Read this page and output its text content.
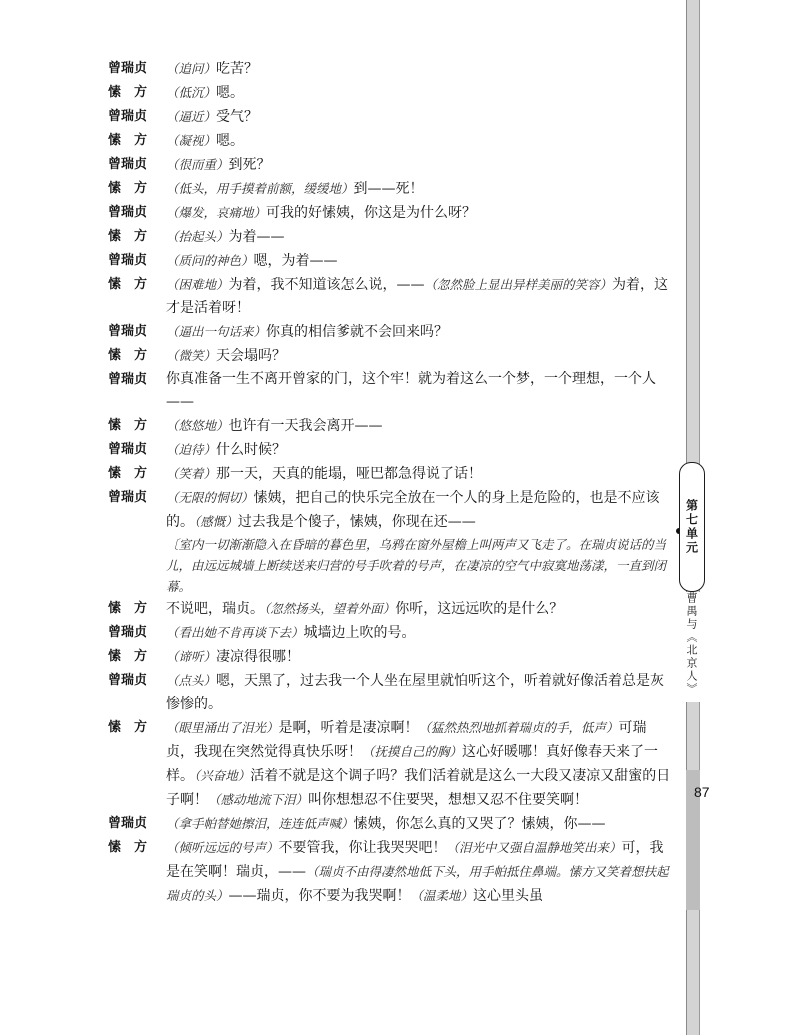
第七单元
曹禺与《北京人》
87
曾瑞贞	（追问）吃苦？
愫　方	（低沉）嗯。
曾瑞贞	（逼近）受气？
愫　方	（凝视）嗯。
曾瑞贞	（很而重）到死？
愫　方	（低头，用手摸着前额，缓缓地）到——死！
曾瑞贞	（爆发，哀痛地）可我的好愫姨，你这是为什么呀？
愫　方	（抬起头）为着——
曾瑞贞	（质问的神色）嗯，为着——
愫　方	（困难地）为着，我不知道该怎么说，——（忽然脸上显出异样美丽的笑容）为着，这才是活着呀！
曾瑞贞	（逼出一句话来）你真的相信爹就不会回来吗？
愫　方	（微笑）天会塌吗？
曾瑞贞	你真准备一生不离开曾家的门，这个牢！就为着这么一个梦，一个理想，一个人——
愫　方	（悠悠地）也许有一天我会离开——
曾瑞贞	（迫待）什么时候？
愫　方	（笑着）那一天，天真的能塌，哑巴都急得说了话！
曾瑞贞	（无限的恫切）愫姨，把自己的快乐完全放在一个人的身上是危险的，也是不应该的。（感慨）过去我是个傻子，愫姨，你现在还——
〔室内一切渐渐隐入在昏暗的暮色里，乌鸦在窗外屋檐上叫两声又飞走了。在瑞贞说话的当儿，由远远城墙上断续送来归营的号手吹着的号声，在凄凉的空气中寂寞地荡漾，一直到闭幕。
愫　方	不说吧，瑞贞。（忽然扬头，望着外面）你听，这远远吹的是什么？
曾瑞贞	（看出她不肯再谈下去）城墙边上吹的号。
愫　方	（谛听）凄凉得很哪！
曾瑞贞	（点头）嗯，天黑了，过去我一个人坐在屋里就怕听这个，听着就好像活着总是灰惨惨的。
愫　方	（眼里涌出了泪光）是啊，听着是凄凉啊！（猛然热烈地抓着瑞贞的手，低声）可瑞贞，我现在突然觉得真快乐呀！（抚摸自己的胸）这心好暖哪！真好像春天来了一样。（兴奋地）活着不就是这个调子吗？我们活着就是这么一大段又凄凉又甜蜜的日子啊！（感动地流下泪）叫你想想忍不住要哭，想想又忍不住要笑啊！
曾瑞贞	（拿手帕替她擦泪，连连低声喊）愫姨，你怎么真的又哭了？愫姨，你——
愫　方	（倾听远远的号声）不要管我，你让我哭哭吧！（泪光中又强自温静地笑出来）可，我是在笑啊！瑞贞，——（瑞贞不由得凄然地低下头，用手帕抵住鼻端。愫方又笑着想扶起瑞贞的头）——瑞贞，你不要为我哭啊！（温柔地）这心里头虽
